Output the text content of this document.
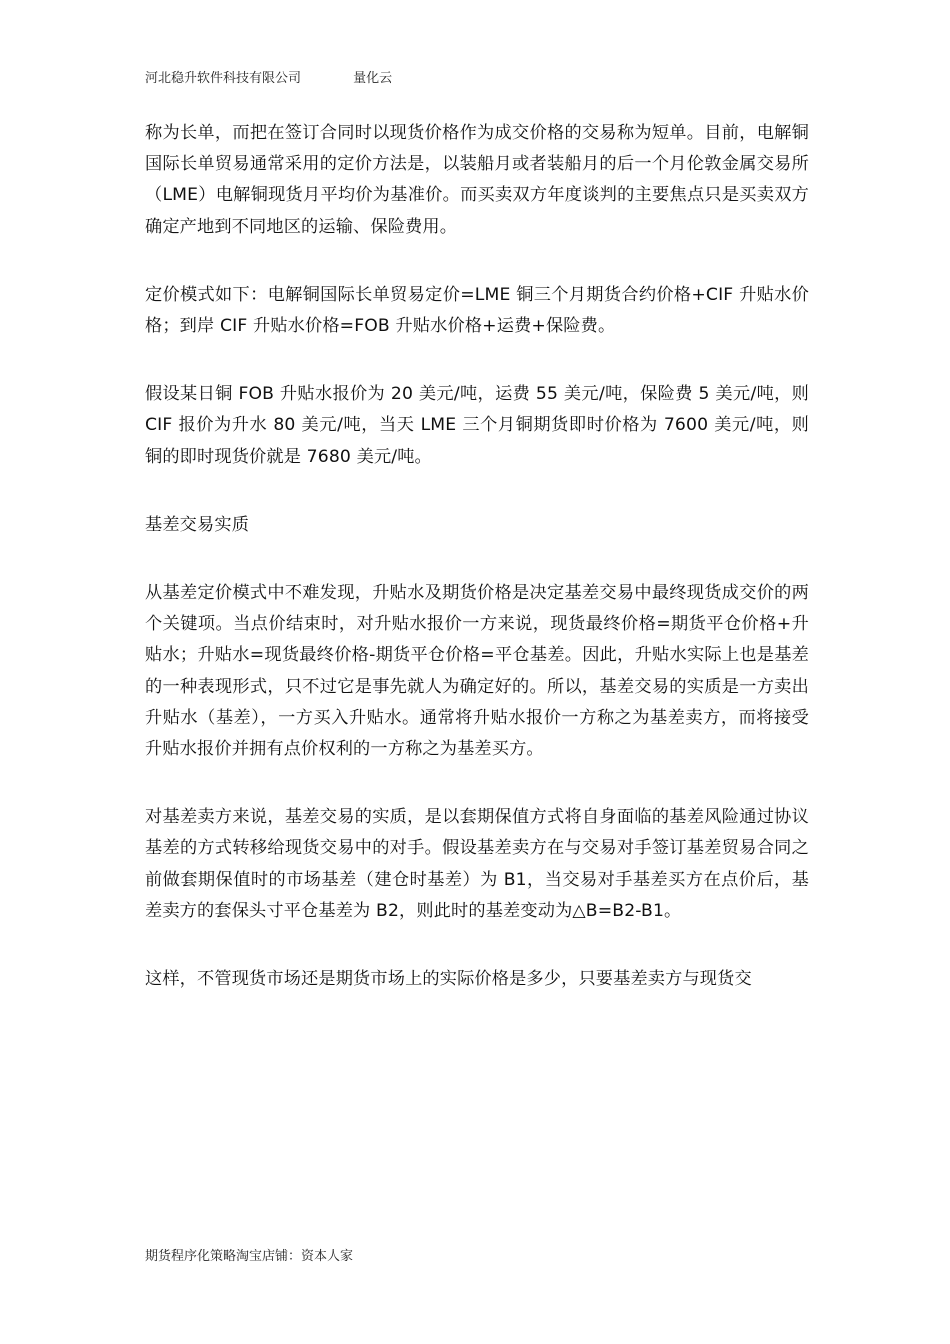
河北稳升软件科技有限公司	量化云

称为长单，而把在签订合同时以现货价格作为成交价格的交易称为短单。目前，电解铜国际长单贸易通常采用的定价方法是，以装船月或者装船月的后一个月伦敦金属交易所（LME）电解铜现货月平均价为基准价。而买卖双方年度谈判的主要焦点只是买卖双方确定产地到不同地区的运输、保险费用。

定价模式如下：电解铜国际长单贸易定价=LME 铜三个月期货合约价格+CIF 升贴水价格；到岸 CIF 升贴水价格=FOB 升贴水价格+运费+保险费。

假设某日铜 FOB 升贴水报价为 20 美元/吨，运费 55 美元/吨，保险费 5 美元/吨，则 CIF 报价为升水 80 美元/吨，当天 LME 三个月铜期货即时价格为 7600 美元/吨，则铜的即时现货价就是 7680 美元/吨。

基差交易实质

从基差定价模式中不难发现，升贴水及期货价格是决定基差交易中最终现货成交价的两个关键项。当点价结束时，对升贴水报价一方来说，现货最终价格=期货平仓价格+升贴水；升贴水=现货最终价格-期货平仓价格=平仓基差。因此，升贴水实际上也是基差的一种表现形式，只不过它是事先就人为确定好的。所以，基差交易的实质是一方卖出升贴水（基差），一方买入升贴水。通常将升贴水报价一方称之为基差卖方，而将接受升贴水报价并拥有点价权利的一方称之为基差买方。

对基差卖方来说，基差交易的实质，是以套期保值方式将自身面临的基差风险通过协议基差的方式转移给现货交易中的对手。假设基差卖方在与交易对手签订基差贸易合同之前做套期保值时的市场基差（建仓时基差）为 B1，当交易对手基差买方在点价后，基差卖方的套保头寸平仓基差为 B2，则此时的基差变动为△B=B2-B1。

这样，不管现货市场还是期货市场上的实际价格是多少，只要基差卖方与现货交

期货程序化策略淘宝店铺：资本人家
